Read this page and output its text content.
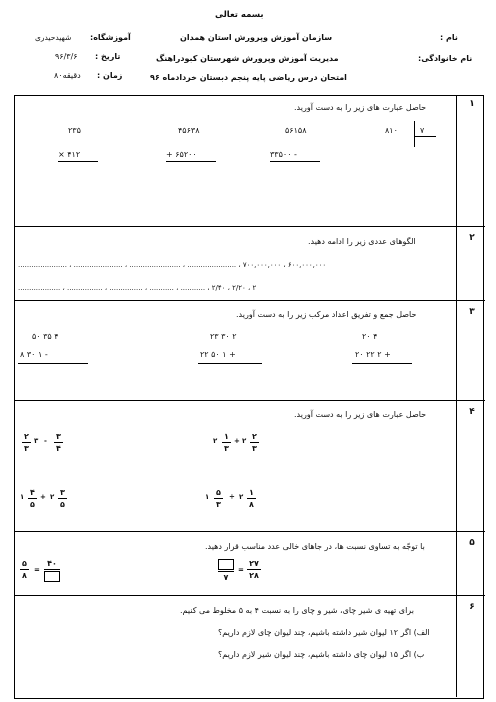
بسمه تعالی
نام :
نام خانوادگی:
سازمان آموزش وپرورش استان همدان
مدیریت آموزش وپرورش شهرستان کبودراهنگ
امتحان درس ریاضی پایه پنجم دبستان خردادماه ۹۶
آموزشگاه:
شهیدحیدری
تاریخ :
۹۶/۳/۶
زمان :
۸۰دقیقه
۱
حاصل عبارت های زیر را به دست آورید.
۸۱۰	۷
۵۶۱۵۸
۳۳۵۰۰ -
۴۵۶۳۸
+ ۶۵۲۰۰
۲۳۵
× ۴۱۲
۲
الگوهای عددی زیر را ادامه دهید.
۶۰۰,۰۰۰,۰۰۰ ، ۷۰۰,۰۰۰,۰۰۰ ، ...................... ، ....................... ، ...................... ، ......................
۲ ، ۲/۲۰ ، ۲/۴۰ ، ........... ، ........... ، ............... ، ................ ، ...................
۳
حاصل جمع و تفریق اعداد مرکب زیر را به دست آورید.
۲۰ ۴
۲۰ ۲۲ ۲ +
۲۳ ۳۰ ۲
۲۲ ۵۰ ۱ +
۵۰ ۳۵ ۴
۸ ۳۰ ۱ -
۴
حاصل عبارت های زیر را به دست آورید.
۲ ۱
۳
+ ۲ ۲
۳
۲
۳
۳ - ۳
۴
۵
۳
۱	÷ ۲ ۱
۸
۱ ۴
۵
+ ۲ ۳
۵
۵
با توجّه به تساوی نسبت ها، در جاهای خالی عدد مناسب قرار دهید.
۷
=
۲۷
۲۸
۵
۸
=
۴۰
۶
برای تهیه ی شیر چای، شیر و چای را به نسبت ۴ به ۵ مخلوط می کنیم.
الف) اگر ۱۲ لیوان شیر داشته باشیم، چند لیوان چای لازم داریم؟
ب) اگر ۱۵ لیوان چای داشته باشیم، چند لیوان شیر لازم داریم؟
